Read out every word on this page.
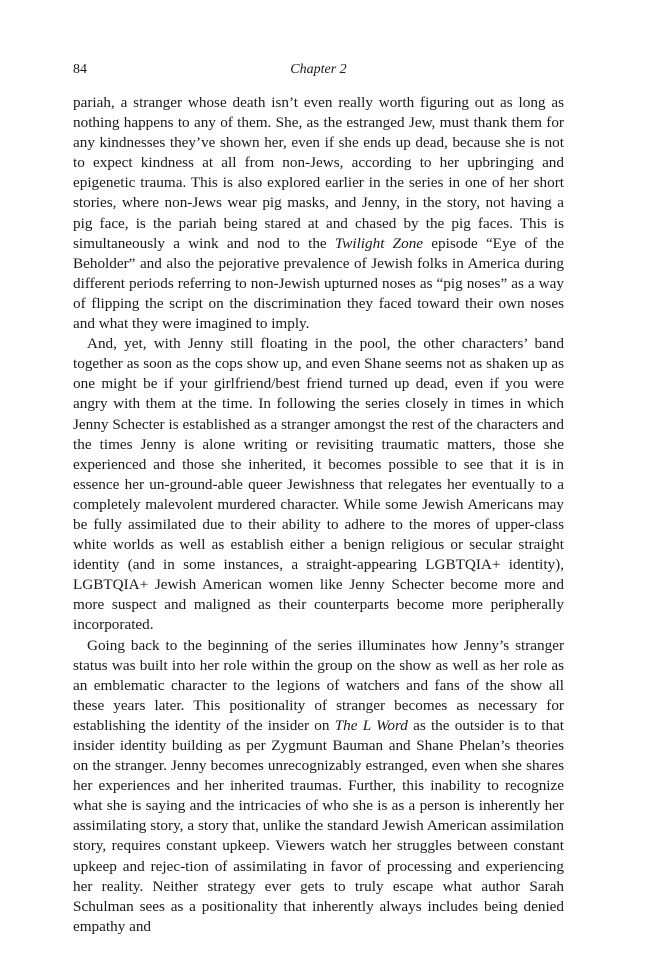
84	Chapter 2

pariah, a stranger whose death isn’t even really worth figuring out as long as nothing happens to any of them. She, as the estranged Jew, must thank them for any kindnesses they’ve shown her, even if she ends up dead, because she is not to expect kindness at all from non-Jews, according to her upbringing and epigenetic trauma. This is also explored earlier in the series in one of her short stories, where non-Jews wear pig masks, and Jenny, in the story, not having a pig face, is the pariah being stared at and chased by the pig faces. This is simultaneously a wink and nod to the Twilight Zone episode “Eye of the Beholder” and also the pejorative prevalence of Jewish folks in America during different periods referring to non-Jewish upturned noses as “pig noses” as a way of flipping the script on the discrimination they faced toward their own noses and what they were imagined to imply.

And, yet, with Jenny still floating in the pool, the other characters’ band together as soon as the cops show up, and even Shane seems not as shaken up as one might be if your girlfriend/best friend turned up dead, even if you were angry with them at the time. In following the series closely in times in which Jenny Schecter is established as a stranger amongst the rest of the characters and the times Jenny is alone writing or revisiting traumatic matters, those she experienced and those she inherited, it becomes possible to see that it is in essence her un-ground-able queer Jewishness that relegates her eventually to a completely malevolent murdered character. While some Jewish Americans may be fully assimilated due to their ability to adhere to the mores of upper-class white worlds as well as establish either a benign religious or secular straight identity (and in some instances, a straight-appearing LGBTQIA+ identity), LGBTQIA+ Jewish American women like Jenny Schecter become more and more suspect and maligned as their counterparts become more peripherally incorporated.

Going back to the beginning of the series illuminates how Jenny’s stranger status was built into her role within the group on the show as well as her role as an emblematic character to the legions of watchers and fans of the show all these years later. This positionality of stranger becomes as necessary for establishing the identity of the insider on The L Word as the outsider is to that insider identity building as per Zygmunt Bauman and Shane Phelan’s theories on the stranger. Jenny becomes unrecognizably estranged, even when she shares her experiences and her inherited traumas. Further, this inability to recognize what she is saying and the intricacies of who she is as a person is inherently her assimilating story, a story that, unlike the standard Jewish American assimilation story, requires constant upkeep. Viewers watch her struggles between constant upkeep and rejec-tion of assimilating in favor of processing and experiencing her reality. Neither strategy ever gets to truly escape what author Sarah Schulman sees as a positionality that inherently always includes being denied empathy and
